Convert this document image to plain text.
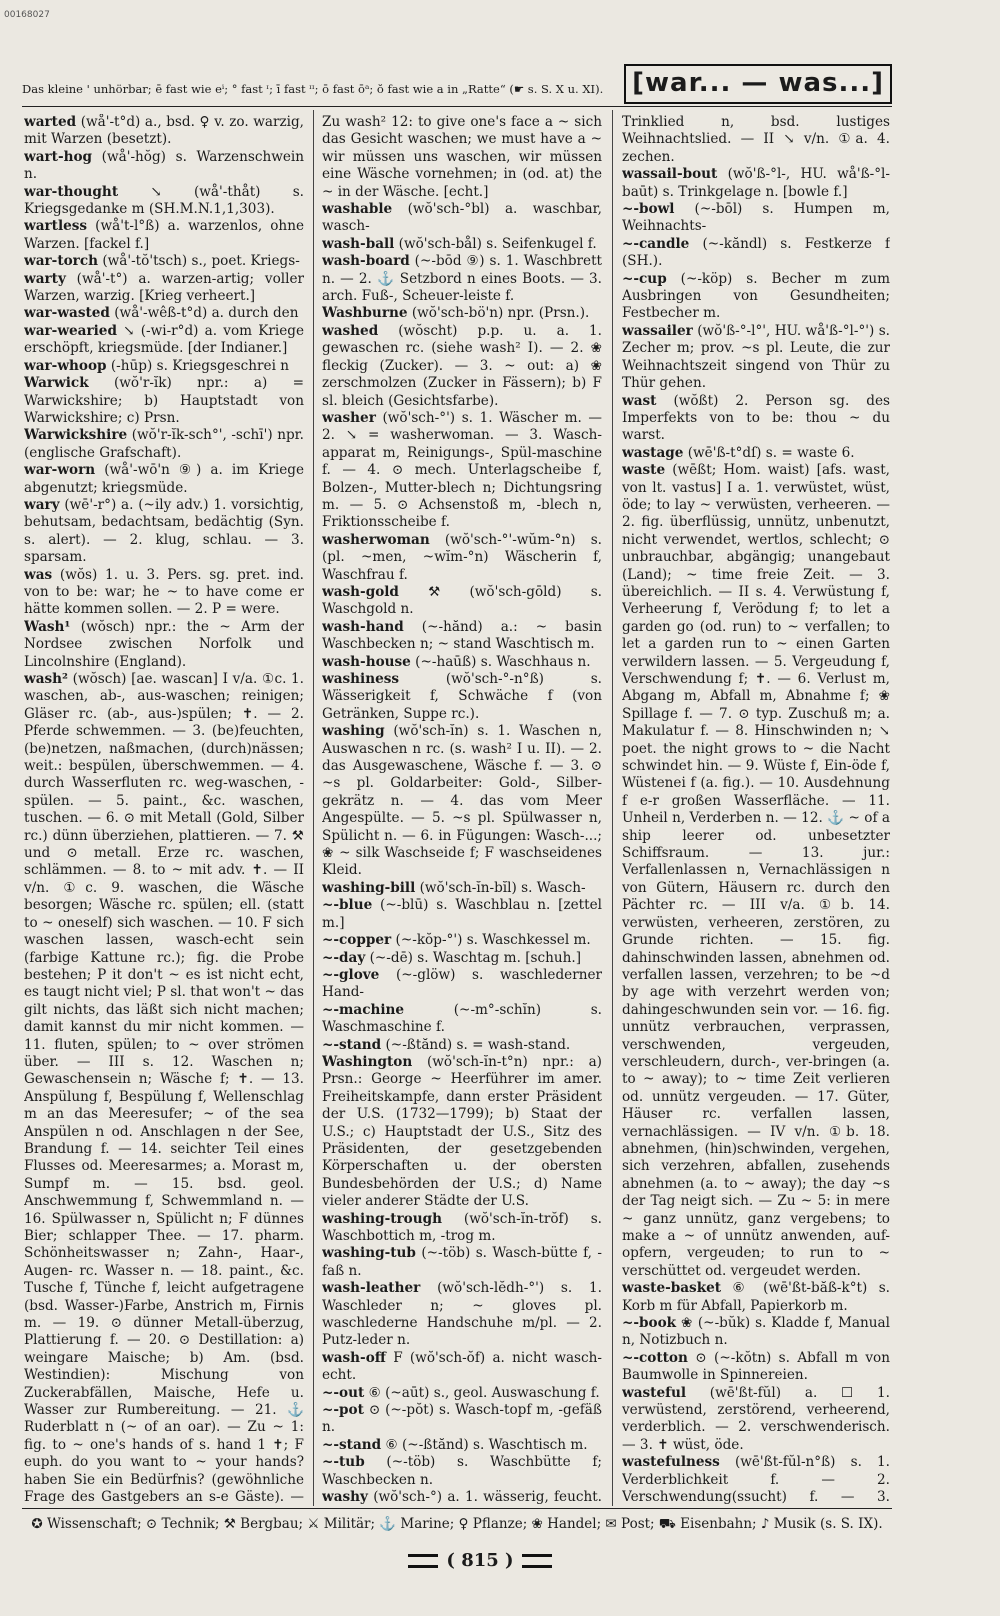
00168027
Das kleine ' unhörbar; ē fast wie eⁱ; ° fast ᶦ; ī fast ᶦᶦ; ō fast ōᵃ; ŏ fast wie a in „Ratte“ (☛ s. S. X u. XI).	[war... — was...]

warted (wå'-t°d) a., bsd. ♀ v. zo. warzig, mit Warzen (besetzt).

wart-hog (wå'-hŏg) s. Warzenschwein n.

war-thought ↘ (wå'-thåt) s. Kriegsgedanke m (SH.M.N.1,1,303).

wartless (wå't-l°ß) a. warzenlos, ohne Warzen. [fackel f.]

war-torch (wå'-tŏ'tsch) s., poet. Kriegs-

warty (wå'-t°) a. warzen-artig; voller Warzen, warzig. [Krieg verheert.]

war-wasted (wå'-wêß-t°d) a. durch den

war-wearied ↘ (-wi-r°d) a. vom Kriege erschöpft, kriegsmüde. [der Indianer.]

war-whoop (-hūp) s. Kriegsgeschrei n

Warwick (wŏ'r-ĭk) npr.: a) = Warwickshire; b) Hauptstadt von Warwickshire; c) Prsn.

Warwickshire (wŏ'r-ĭk-sch°', -schī') npr. (englische Grafschaft).

war-worn (wå'-wō'n ⑨) a. im Kriege abgenutzt; kriegsmüde.

wary (wē'-r°) a. (~ily adv.) 1. vorsichtig, behutsam, bedachtsam, bedächtig (Syn. s. alert). — 2. klug, schlau. — 3. sparsam.

was (wŏs) 1. u. 3. Pers. sg. pret. ind. von to be: war; he ~ to have come er hätte kommen sollen. — 2. P = were.

Wash¹ (wŏsch) npr.: the ~ Arm der Nordsee zwischen Norfolk und Lincolnshire (England).

wash² (wŏsch) [ae. wascan] I v/a. ①c. 1. waschen, ab-, aus-waschen; reinigen; Gläser rc. (ab-, aus-)spülen; ✝. — 2. Pferde schwemmen. — 3. (be)feuchten, (be)netzen, naßmachen, (durch)nässen; weit.: bespülen, überschwemmen. — 4. durch Wasserfluten rc. weg-waschen, -spülen. — 5. paint., &c. waschen, tuschen. — 6. ⊙ mit Metall (Gold, Silber rc.) dünn überziehen, plattieren. — 7. ⚒ und ⊙ metall. Erze rc. waschen, schlämmen. — 8. to ~ mit adv. ✝. — II v/n. ①c. 9. waschen, die Wäsche besorgen; Wäsche rc. spülen; ell. (statt to ~ oneself) sich waschen. — 10. F sich waschen lassen, wasch-echt sein (farbige Kattune rc.); fig. die Probe bestehen; P it don't ~ es ist nicht echt, es taugt nicht viel; P sl. that won't ~ das gilt nichts, das läßt sich nicht machen; damit kannst du mir nicht kommen. — 11. fluten, spülen; to ~ over strömen über. — III s. 12. Waschen n; Gewaschensein n; Wäsche f; ✝. — 13. Anspülung f, Bespülung f, Wellenschlag m an das Meeresufer; ~ of the sea Anspülen n od. Anschlagen n der See, Brandung f. — 14. seichter Teil eines Flusses od. Meeresarmes; a. Morast m, Sumpf m. — 15. bsd. geol. Anschwemmung f, Schwemmland n. — 16. Spülwasser n, Spülicht n; F dünnes Bier; schlapper Thee. — 17. pharm. Schönheitswasser n; Zahn-, Haar-, Augen- rc. Wasser n. — 18. paint., &c. Tusche f, Tünche f, leicht aufgetragene (bsd. Wasser-)Farbe, Anstrich m, Firnis m. — 19. ⊙ dünner Metall-überzug, Plattierung f. — 20. ⊙ Destillation: a) weingare Maische; b) Am. (bsd. Westindien): Mischung von Zuckerabfällen, Maische, Hefe u. Wasser zur Rumbereitung. — 21. ⚓ Ruderblatt n (~ of an oar). — Zu ~ 1: fig. to ~ one's hands of s. hand 1 ✝; F euph. do you want to ~ your hands? haben Sie ein Bedürfnis? (gewöhnliche Frage des Gastgebers an s-e Gäste). —

Zu wash² 12: to give one's face a ~ sich das Gesicht waschen; we must have a ~ wir müssen uns waschen, wir müssen eine Wäsche vornehmen; in (od. at) the ~ in der Wäsche. [echt.]

washable (wŏ'sch-°bl) a. waschbar, wasch-

wash-ball (wŏ'sch-bål) s. Seifenkugel f.

wash-board (~-bōd ⑨) s. 1. Waschbrett n. — 2. ⚓ Setzbord n eines Boots. — 3. arch. Fuß-, Scheuer-leiste f.

Washburne (wŏ'sch-bö'n) npr. (Prsn.).

washed (wŏscht) p.p. u. a. 1. gewaschen rc. (siehe wash² I). — 2. ❀ fleckig (Zucker). — 3. ~ out: a) ❀ zerschmolzen (Zucker in Fässern); b) F sl. bleich (Gesichtsfarbe).

washer (wŏ'sch-°') s. 1. Wäscher m. — 2. ↘ = washerwoman. — 3. Wasch-apparat m, Reinigungs-, Spül-maschine f. — 4. ⊙ mech. Unterlagscheibe f, Bolzen-, Mutter-blech n; Dichtungsring m. — 5. ⊙ Achsenstoß m, -blech n, Friktionsscheibe f.

washerwoman (wŏ'sch-°'-wŭm-°n) s. (pl. ~men, ~wĭm-°n) Wäscherin f, Waschfrau f.

wash-gold ⚒ (wŏ'sch-gōld) s. Waschgold n.

wash-hand (~-hănd) a.: ~ basin Waschbecken n; ~ stand Waschtisch m.

wash-house (~-haūß) s. Waschhaus n.

washiness	(wŏ'sch-°-n°ß) s. Wässerigkeit f, Schwäche f (von Getränken, Suppe rc.).

washing (wŏ'sch-ĭn) s. 1. Waschen n, Auswaschen n rc. (s. wash² I u. II). — 2. das Ausgewaschene, Wäsche f. — 3. ⊙ ~s pl. Goldarbeiter: Gold-, Silber-gekrätz n. — 4. das vom Meer Angespülte. — 5. ~s pl. Spülwasser n, Spülicht n. — 6. in Fügungen: Wasch-...; ❀ ~ silk Waschseide f; F waschseidenes Kleid.

washing-bill (wŏ'sch-ĭn-bĭl) s. Wasch-

~-blue (~-blū) s. Waschblau n. [zettel m.]

~-copper (~-kŏp-°') s. Waschkessel m.

~-day (~-dē) s. Waschtag m. [schuh.]

~-glove (~-glöw) s. waschlederner Hand-

~-machine	(~-m°-schĭn) s. Waschmaschine f.

~-stand (~-ßtănd) s. = wash-stand.

Washington (wŏ'sch-ĭn-t°n) npr.: a) Prsn.: George ~ Heerführer im amer. Freiheitskampfe, dann erster Präsident der U.S. (1732—1799); b) Staat der U.S.; c) Hauptstadt der U.S., Sitz des Präsidenten, der gesetzgebenden Körperschaften u. der obersten Bundesbehörden der U.S.; d) Name vieler anderer Städte der U.S.

washing-trough (wŏ'sch-ĭn-trŏf) s. Waschbottich m, -trog m.

washing-tub (~-töb) s. Wasch-bütte f, -faß n.

wash-leather (wŏ'sch-lĕdh-°') s. 1. Waschleder n; ~ gloves pl. waschlederne Handschuhe m/pl. — 2. Putz-leder n.

wash-off F (wŏ'sch-ŏf) a. nicht wasch-echt.

~-out ⑥ (~aūt) s., geol. Auswaschung f.

~-pot ⊙ (~-pŏt) s. Wasch-topf m, -gefäß n.

~-stand ⑥ (~-ßtănd) s. Waschtisch m.

~-tub (~-töb) s. Waschbütte f; Waschbecken n.

washy (wŏ'sch-°) a. 1. wässerig, feucht.

Trinklied n, bsd. lustiges Weihnachtslied. — II ↘ v/n. ①a. 4. zechen.

wassail-bout (wŏ'ß-°l-, HU. wå'ß-°l-baūt) s. Trinkgelage n. [bowle f.]

~-bowl (~-bōl) s. Humpen m, Weihnachts-

~-candle (~-kăndl) s. Festkerze f (SH.).

~-cup (~-köp) s. Becher m zum Ausbringen von Gesundheiten; Festbecher m.

wassailer (wŏ'ß-°-l°', HU. wå'ß-°l-°') s. Zecher m; prov. ~s pl. Leute, die zur Weihnachtszeit singend von Thür zu Thür gehen.

wast (wŏßt) 2. Person sg. des Imperfekts von to be: thou ~ du warst.

wastage (wē'ß-t°dſ) s. = waste 6.

waste (wēßt; Hom. waist) [afs. wast, von lt. vastus] I a. 1. verwüstet, wüst, öde; to lay ~ verwüsten, verheeren. — 2. fig. überflüssig, unnütz, unbenutzt, nicht verwendet, wertlos, schlecht; ⊙ unbrauchbar, abgängig; unangebaut (Land); ~ time freie Zeit. — 3. übereichlich. — II s. 4. Verwüstung f, Verheerung f, Verödung f; to let a garden go (od. run) to ~ verfallen; to let a garden run to ~ einen Garten verwildern lassen. — 5. Vergeudung f, Verschwendung f; ✝. — 6. Verlust m, Abgang m, Abfall m, Abnahme f; ❀ Spillage f. — 7. ⊙ typ. Zuschuß m; a. Makulatur f. — 8. Hinschwinden n; ↘ poet. the night grows to ~ die Nacht schwindet hin. — 9. Wüste f, Ein-öde f, Wüstenei f (a. fig.). — 10. Ausdehnung f e-r großen Wasserfläche. — 11. Unheil n, Verderben n. — 12. ⚓ ~ of a ship leerer od. unbesetzter Schiffsraum. — 13. jur.: Verfallenlassen n, Vernachlässigen n von Gütern, Häusern rc. durch den Pächter rc. — III v/a. ①b. 14. verwüsten, verheeren, zerstören, zu Grunde richten. — 15. fig. dahinschwinden lassen, abnehmen od. verfallen lassen, verzehren; to be ~d by age with verzehrt werden von; dahingeschwunden sein vor. — 16. fig. unnütz verbrauchen, verprassen, verschwenden, vergeuden, verschleudern, durch-, ver-bringen (a. to ~ away); to ~ time Zeit verlieren od. unnütz vergeuden. — 17. Güter, Häuser rc. verfallen lassen, vernachlässigen. — IV v/n. ①b. 18. abnehmen, (hin)schwinden, vergehen, sich verzehren, abfallen, zusehends abnehmen (a. to ~ away); the day ~s der Tag neigt sich. — Zu ~ 5: in mere ~ ganz unnütz, ganz vergebens; to make a ~ of unnütz anwenden, auf-opfern, vergeuden; to run to ~ verschüttet od. vergeudet werden.

waste-basket ⑥ (wē'ßt-băß-k°t) s. Korb m für Abfall, Papierkorb m.

~-book ❀ (~-bŭk) s. Kladde f, Manual n, Notizbuch n.

~-cotton ⊙ (~-kŏtn) s. Abfall m von Baumwolle in Spinnereien.

wasteful (wē'ßt-fŭl) a. ☐ 1. verwüstend, zerstörend, verheerend, verderblich. — 2. verschwenderisch. — 3. ✝ wüst, öde.

wastefulness (wē'ßt-fŭl-n°ß) s. 1. Verderblichkeit f. — 2. Verschwendung(ssucht) f. — 3.

✪ Wissenschaft; ⊙ Technik; ⚒ Bergbau; ⚔ Militär; ⚓ Marine; ♀ Pflanze; ❀ Handel; ✉ Post; ⛟ Eisenbahn; ♪ Musik (s. S. IX).
( 815 )
